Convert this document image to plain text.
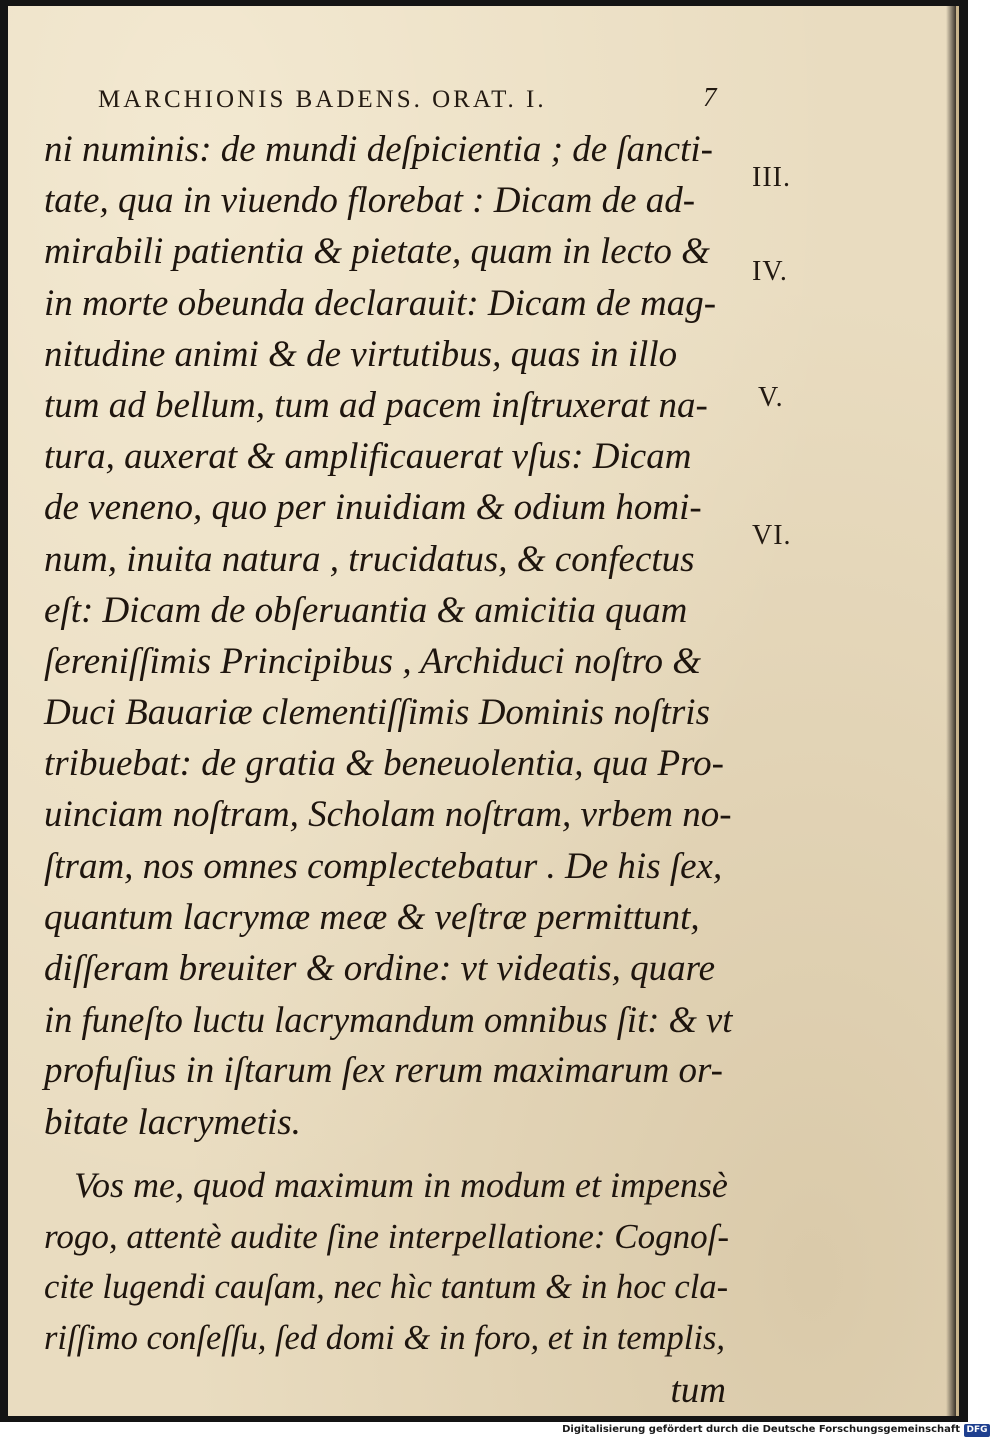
MARCHIONIS BADENS. ORAT. I.	7
ni numinis: de mundi deſpicientia ; de ſancti-
tate, qua in viuendo florebat : Dicam de ad-
mirabili patientia & pietate, quam in lecto &
in morte obeunda declarauit: Dicam de mag-
nitudine animi & de virtutibus, quas in illo
tum ad bellum, tum ad pacem inſtruxerat na-
tura, auxerat & amplificauerat vſus: Dicam
de veneno, quo per inuidiam & odium homi-
num, inuita natura , trucidatus, & confectus
eſt: Dicam de obſeruantia & amicitia quam
ſereniſſimis Principibus , Archiduci noſtro &
Duci Bauariæ clementiſſimis Dominis noſtris
tribuebat: de gratia & beneuolentia, qua Pro-
uinciam noſtram, Scholam noſtram, vrbem no-
ſtram, nos omnes complectebatur . De his ſex,
quantum lacrymæ meæ & veſtræ permittunt,
diſſeram breuiter & ordine: vt videatis, quare
in funeſto luctu lacrymandum omnibus ſit: & vt
profuſius in iſtarum ſex rerum maximarum or-
bitate lacrymetis.
Vos me, quod maximum in modum et impensè
rogo, attentè audite ſine interpellatione: Cognoſ-
cite lugendi cauſam, nec hìc tantum & in hoc cla-
riſſimo conſeſſu, ſed domi & in foro, et in templis,
tum
III.
IV.
V.
VI.
Digitalisierung gefördert durch die Deutsche Forschungsgemeinschaft DFG
